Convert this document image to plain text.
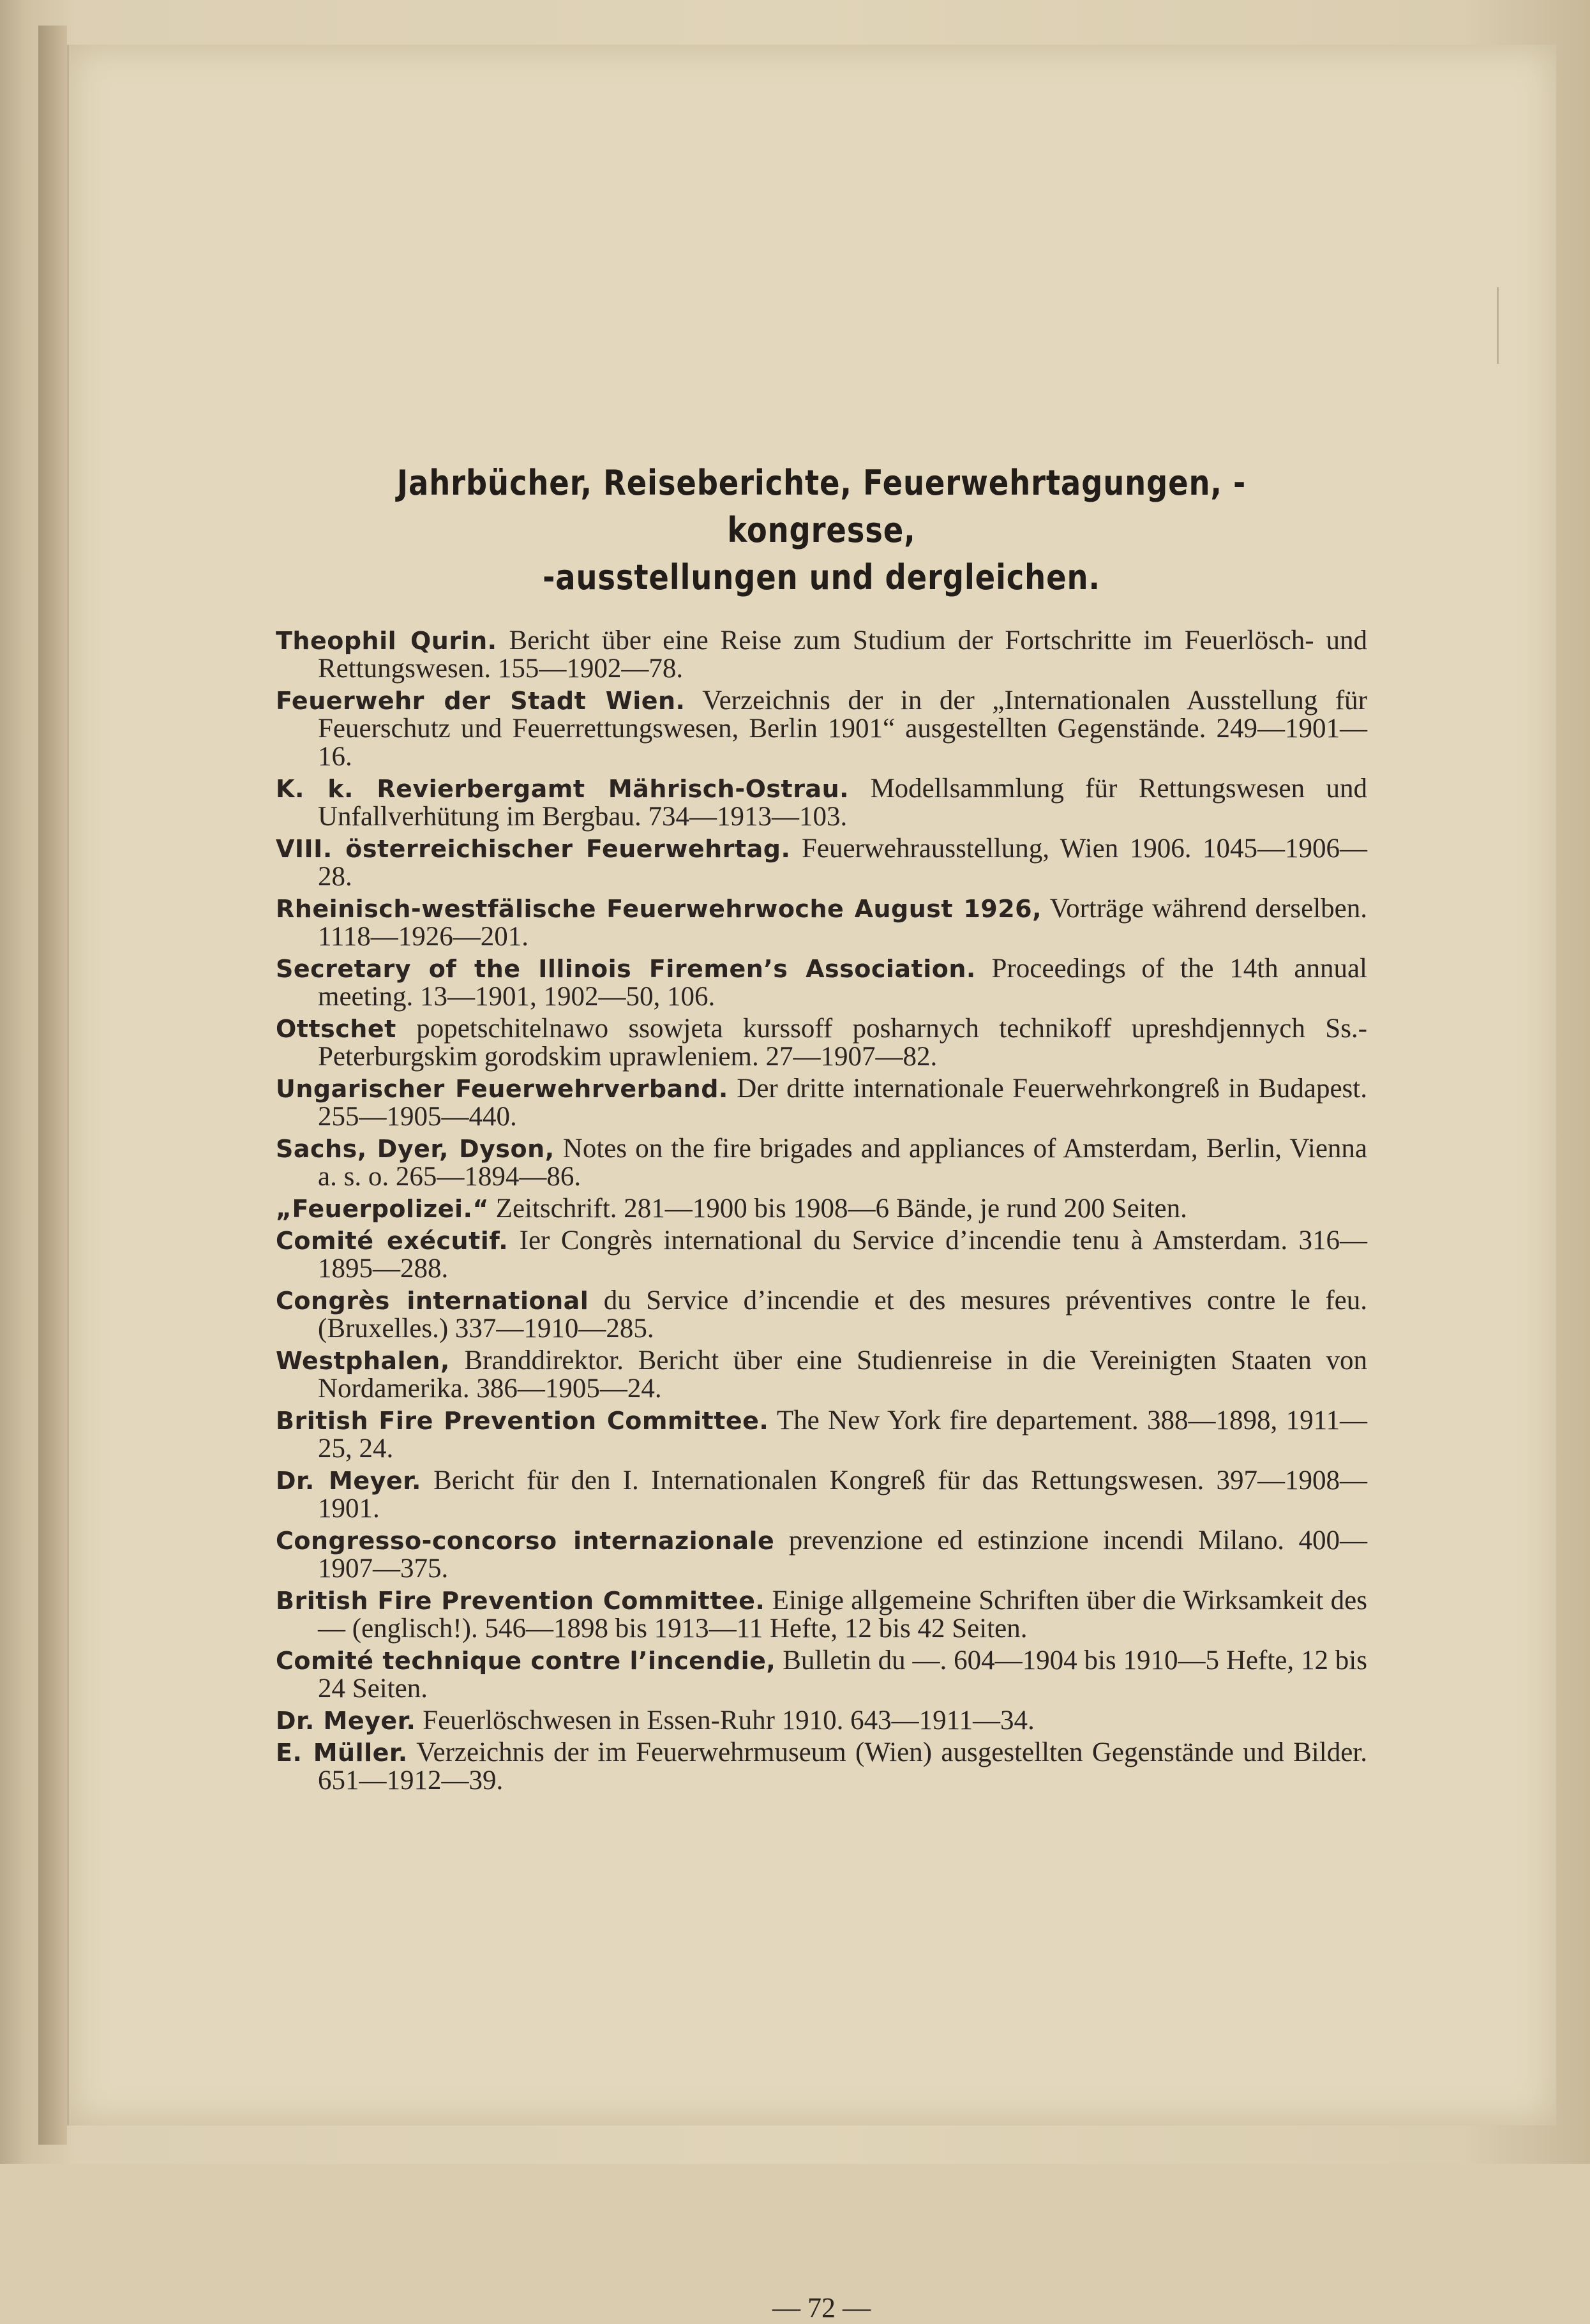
Jahrbücher, Reiseberichte, Feuerwehrtagungen, -kongresse,
-ausstellungen und dergleichen.

Theophil Qurin. Bericht über eine Reise zum Studium der Fortschritte im Feuerlösch- und Rettungswesen. 155—1902—78.

Feuerwehr der Stadt Wien. Verzeichnis der in der „Internationalen Ausstellung für Feuerschutz und Feuerrettungswesen, Berlin 1901“ ausgestellten Gegenstände. 249—1901—16.

K. k. Revierbergamt Mährisch-Ostrau. Modellsammlung für Rettungswesen und Unfallverhütung im Bergbau. 734—1913—103.

VIII. österreichischer Feuerwehrtag. Feuerwehrausstellung, Wien 1906. 1045—1906—28.

Rheinisch-westfälische Feuerwehrwoche August 1926, Vorträge während derselben. 1118—1926—201.

Secretary of the Illinois Firemen’s Association. Proceedings of the 14th annual meeting. 13—1901, 1902—50, 106.

Ottschet popetschitelnawo ssowjeta kurssoff posharnych technikoff upreshdjennych Ss.-Peterburgskim gorodskim uprawleniem. 27—1907—82.

Ungarischer Feuerwehrverband. Der dritte internationale Feuerwehrkongreß in Budapest. 255—1905—440.

Sachs, Dyer, Dyson, Notes on the fire brigades and appliances of Amsterdam, Berlin, Vienna a. s. o. 265—1894—86.

„Feuerpolizei.“ Zeitschrift. 281—1900 bis 1908—6 Bände, je rund 200 Seiten.

Comité exécutif. Ier Congrès international du Service d’incendie tenu à Amsterdam. 316—1895—288.

Congrès international du Service d’incendie et des mesures préventives contre le feu. (Bruxelles.) 337—1910—285.

Westphalen, Branddirektor. Bericht über eine Studienreise in die Vereinigten Staaten von Nordamerika. 386—1905—24.

British Fire Prevention Committee. The New York fire departement. 388—1898, 1911—25, 24.

Dr. Meyer. Bericht für den I. Internationalen Kongreß für das Rettungswesen. 397—1908—1901.

Congresso-concorso internazionale prevenzione ed estinzione incendi Milano. 400—1907—375.

British Fire Prevention Committee. Einige allgemeine Schriften über die Wirksamkeit des — (englisch!). 546—1898 bis 1913—11 Hefte, 12 bis 42 Seiten.

Comité technique contre l’incendie, Bulletin du —. 604—1904 bis 1910—5 Hefte, 12 bis 24 Seiten.

Dr. Meyer. Feuerlöschwesen in Essen-Ruhr 1910. 643—1911—34.

E. Müller. Verzeichnis der im Feuerwehrmuseum (Wien) ausgestellten Gegenstände und Bilder. 651—1912—39.

— 72 —
